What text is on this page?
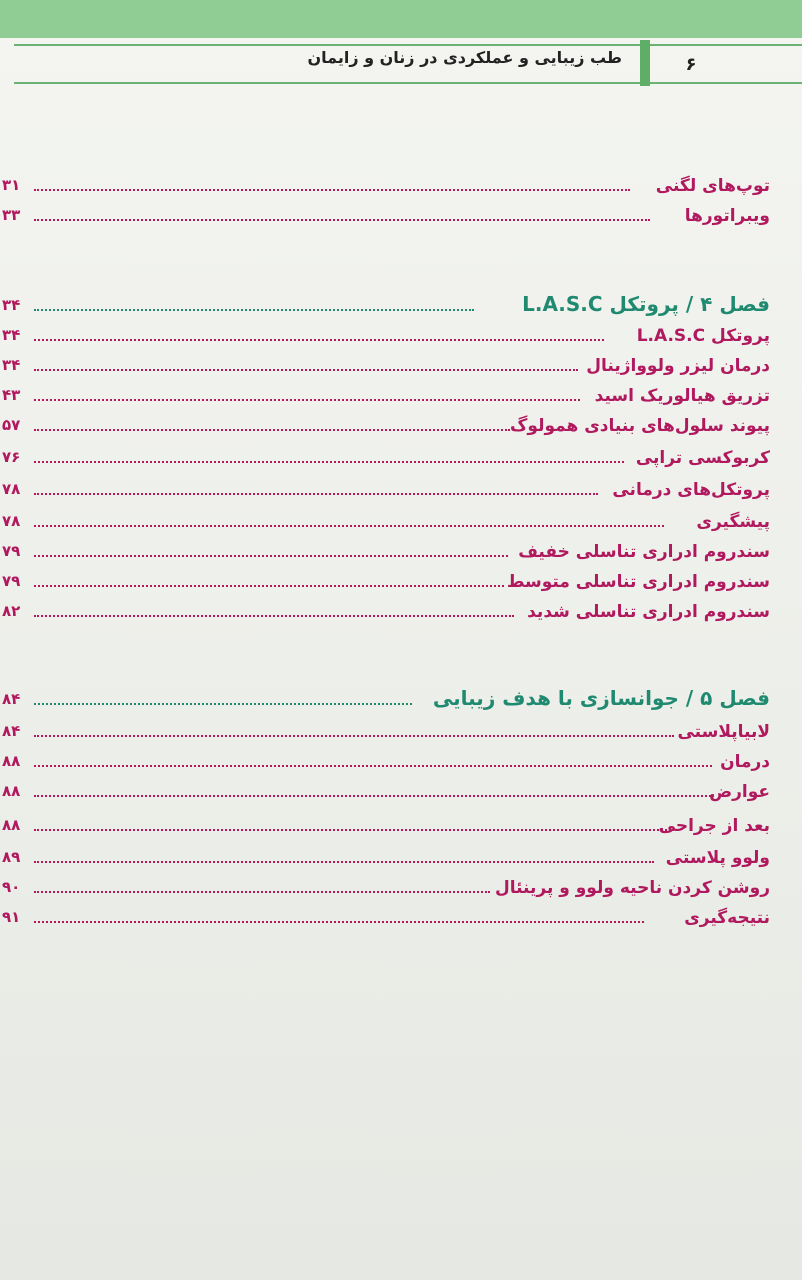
طب زیبایی و عملکردی در زنان و زایمان	۶
۳۱	توپ‌های لگنی
۳۳	ویبراتورها
۳۴	فصل ۴ / پروتکل L.A.S.C
۳۴	پروتکل L.A.S.C
۳۴	درمان لیزر ولوواژینال
۴۳	تزریق هیالوریک اسید
۵۷	پیوند سلول‌های بنیادی همولوگ
۷۶	کربوکسی تراپی
۷۸	پروتکل‌های درمانی
۷۸	پیشگیری
۷۹	سندروم ادراری تناسلی خفیف
۷۹	سندروم ادراری تناسلی متوسط
۸۲	سندروم ادراری تناسلی شدید
۸۴	فصل ۵ / جوانسازی با هدف زیبایی
۸۴	لابیاپلاستی
۸۸	درمان
۸۸	عوارض
۸۸	بعد از جراحی
۸۹	ولوو پلاستی
۹۰	روشن کردن ناحیه ولوو و پرینئال
۹۱	نتیجه‌گیری
